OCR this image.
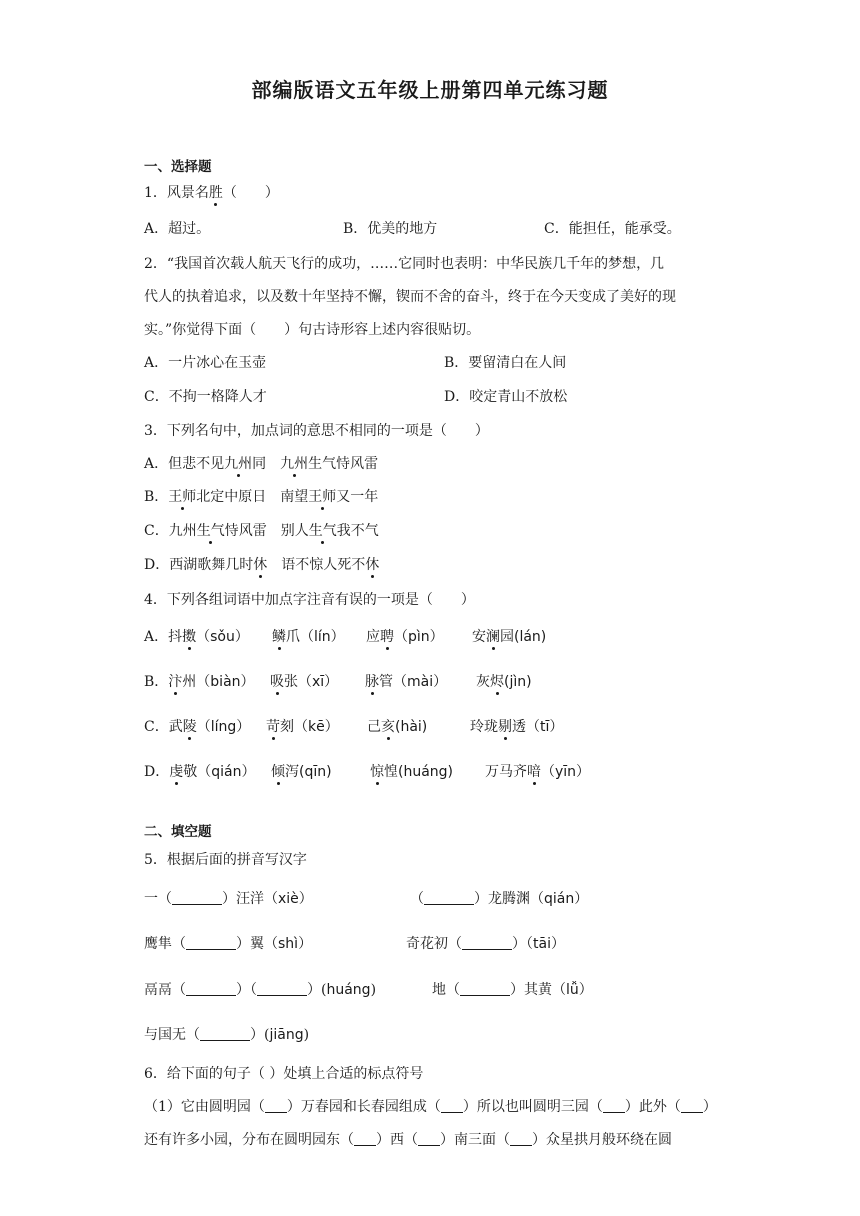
部编版语文五年级上册第四单元练习题
一、选择题
1．风景名胜（　　）
A．超过。	B．优美的地方	C．能担任，能承受。
2．“我国首次载人航天飞行的成功，……它同时也表明：中华民族几千年的梦想，几
代人的执着追求，以及数十年坚持不懈，锲而不舍的奋斗，终于在今天变成了美好的现
实。”你觉得下面（　　）句古诗形容上述内容很贴切。
A．一片冰心在玉壶	B．要留清白在人间
C．不拘一格降人才	D．咬定青山不放松
3．下列名句中，加点词的意思不相同的一项是（　　）
A．但悲不见九州同　九州生气恃风雷
B．王师北定中原日　南望王师又一年
C．九州生气恃风雷　别人生气我不气
D．西湖歌舞几时休　语不惊人死不休
4．下列各组词语中加点字注音有误的一项是（　　）
A．抖擞（sǒu） 鳞爪（lín） 应聘（pìn） 安澜园(lán)
B．汴州（biàn） 吸张（xī） 脉管（mài） 灰烬(jìn)
C．武陵（líng） 苛刻（kē） 己亥(hài)	玲珑剔透（tī）
D．虔敬（qián） 倾泻(qīn)	惊惶(huáng) 万马齐喑（yīn）
二、填空题
5．根据后面的拼音写汉字
一（	）汪洋（xiè）	（	）龙腾渊（qián）
鹰隼（	）翼（shì）	奇花初（	）（tāi）
鬲鬲（	）（	）(huáng)	地（	）其黄（lǚ）
与国无（	）(jiāng)
6．给下面的句子（ ）处填上合适的标点符号
（1）它由圆明园（ ）万春园和长春园组成（ ）所以也叫圆明三园（ ）此外（ ）
还有许多小园，分布在圆明园东（ ）西（ ）南三面（ ）众星拱月般环绕在圆
